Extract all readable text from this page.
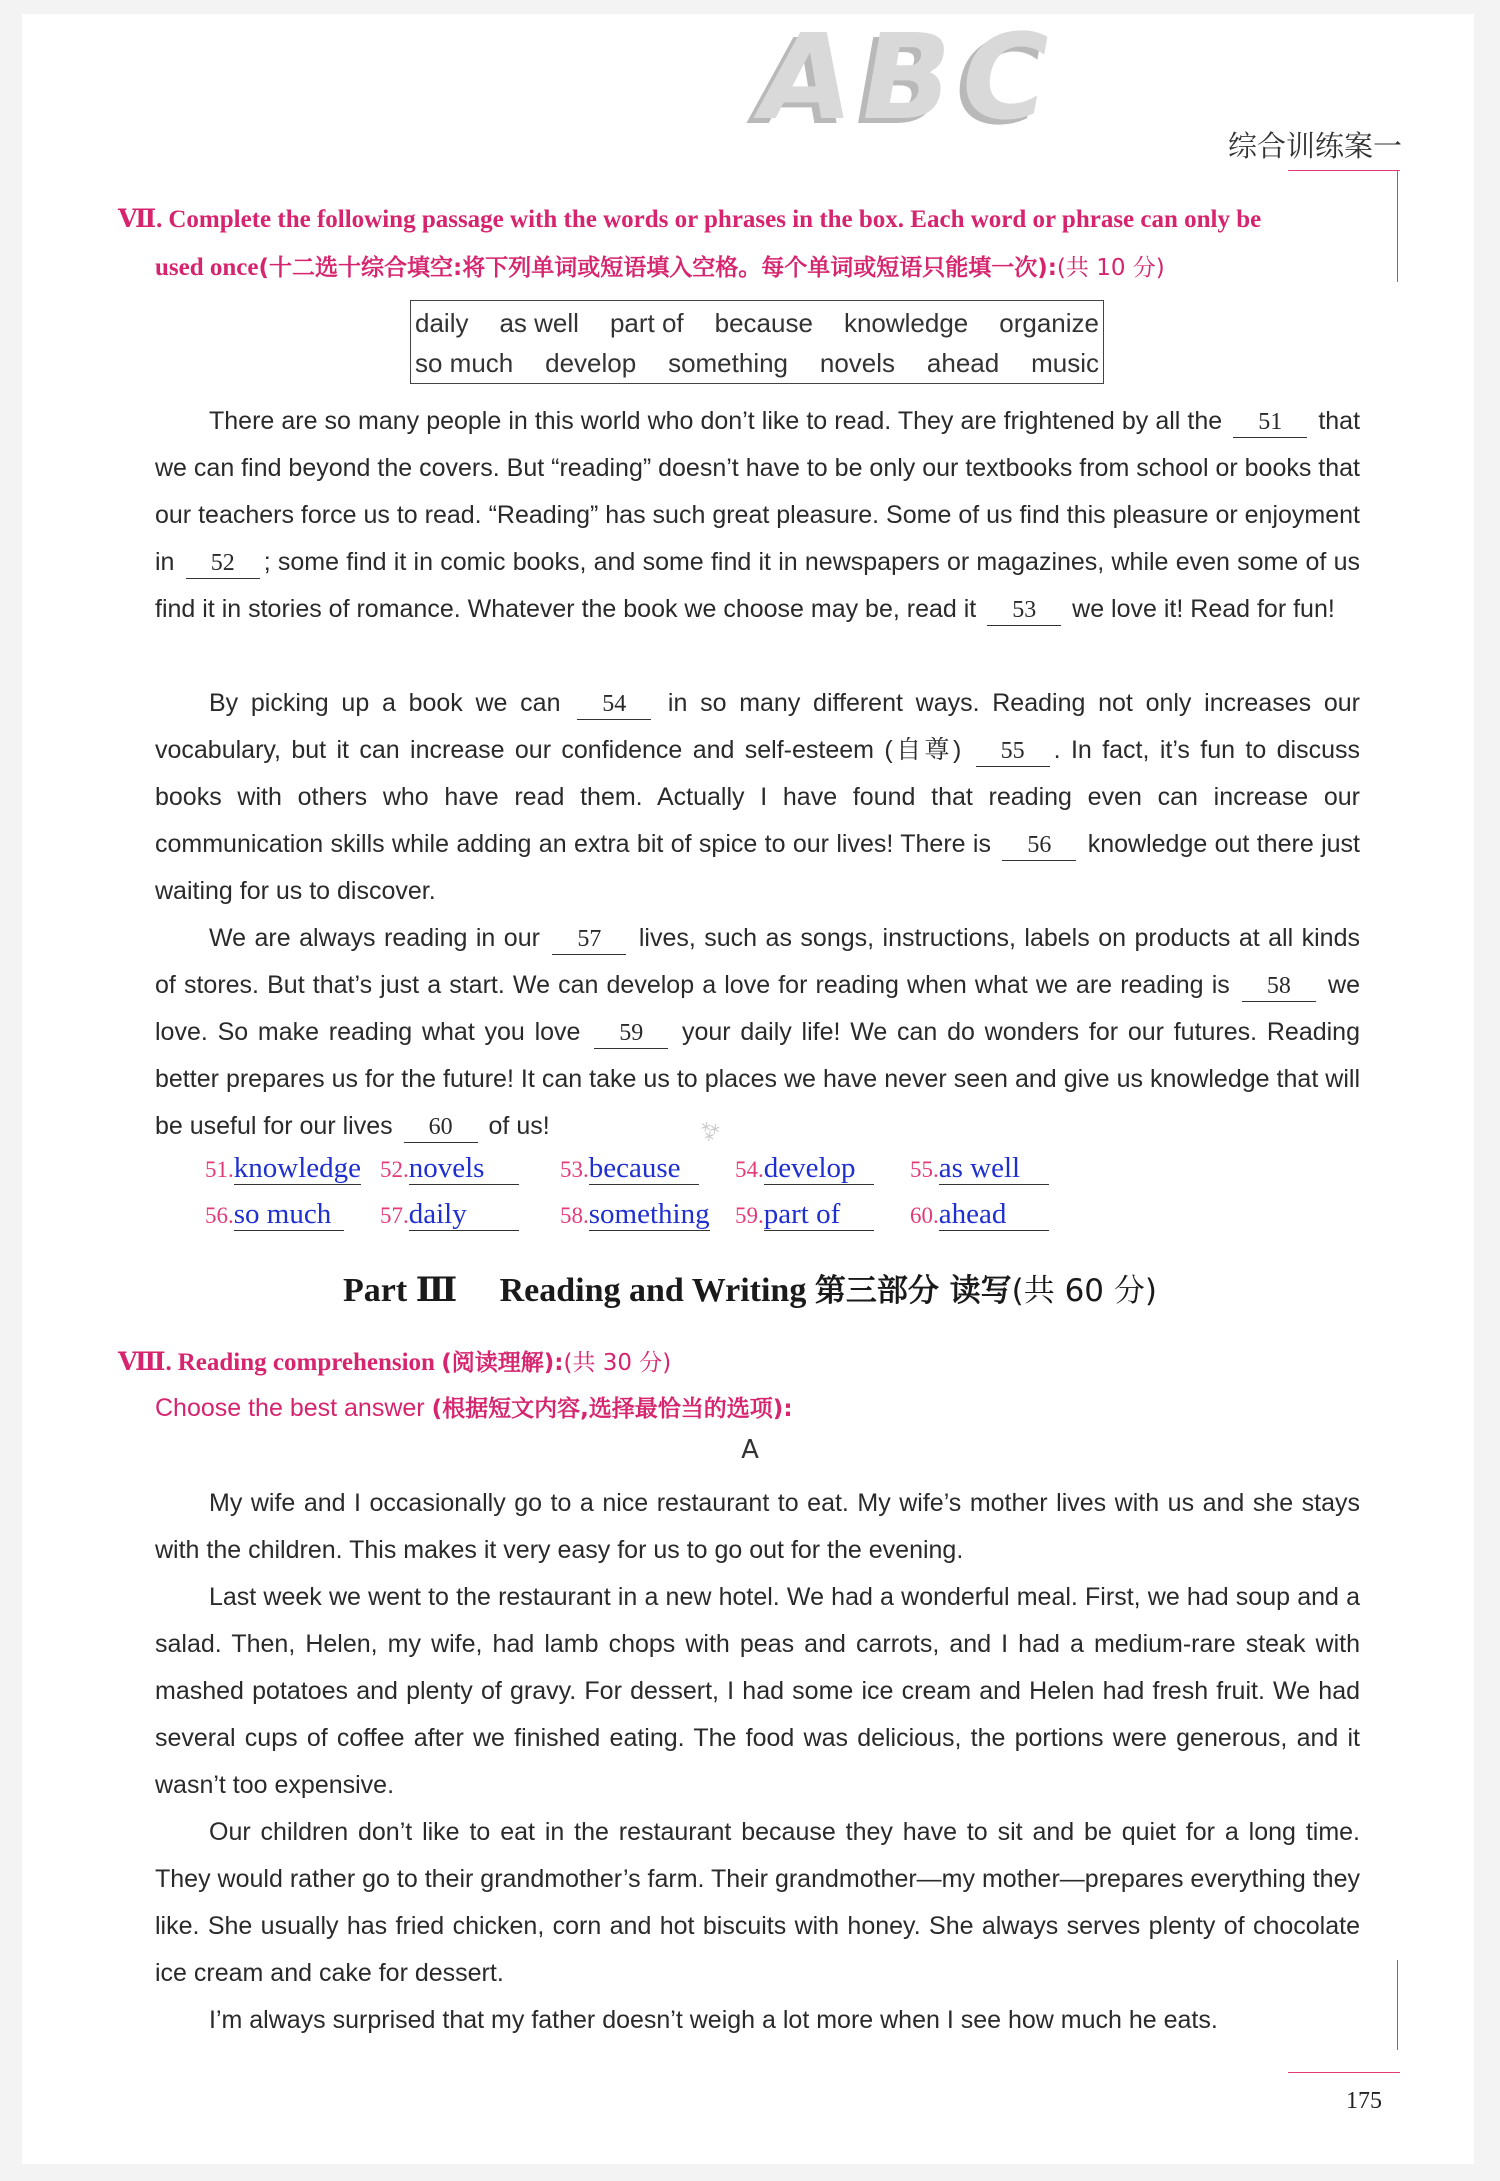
ABC
综合训练案一
Ⅶ. Complete the following passage with the words or phrases in the box. Each word or phrase can only be
used once(十二选十综合填空:将下列单词或短语填入空格。每个单词或短语只能填一次):(共 10 分)
daily as well part of because knowledge organize
so much develop something novels ahead music

There are so many people in this world who don’t like to read. They are frightened by all the 51 that we can find beyond the covers. But “reading” doesn’t have to be only our textbooks from school or books that our teachers force us to read. “Reading” has such great pleasure. Some of us find this pleasure or enjoyment in 52 ; some find it in comic books, and some find it in newspapers or magazines, while even some of us find it in stories of romance. Whatever the book we choose may be, read it 53 we love it! Read for fun!

By picking up a book we can 54 in so many different ways. Reading not only increases our vocabulary, but it can increase our confidence and self-esteem (自尊) 55 . In fact, it’s fun to discuss books with others who have read them. Actually I have found that reading even can increase our communication skills while adding an extra bit of spice to our lives! There is 56 knowledge out there just waiting for us to discover.

We are always reading in our 57 lives, such as songs, instructions, labels on products at all kinds of stores. But that’s just a start. We can develop a love for reading when what we are reading is 58 we love. So make reading what you love 59 your daily life! We can do wonders for our futures. Reading better prepares us for the future! It can take us to places we have never seen and give us knowledge that will be useful for our lives 60 of us!	⁂
51.knowledge 52.novels	53.because	54.develop	55.as well
56.so much	57.daily	58.something 59.part of	60.ahead
Part Ⅲ Reading and Writing 第三部分 读写(共 60 分)
Ⅷ. Reading comprehension (阅读理解):(共 30 分)
Choose the best answer (根据短文内容,选择最恰当的选项):
A

My wife and I occasionally go to a nice restaurant to eat. My wife’s mother lives with us and she stays with the children. This makes it very easy for us to go out for the evening.

Last week we went to the restaurant in a new hotel. We had a wonderful meal. First, we had soup and a salad. Then, Helen, my wife, had lamb chops with peas and carrots, and I had a medium-rare steak with mashed potatoes and plenty of gravy. For dessert, I had some ice cream and Helen had fresh fruit. We had several cups of coffee after we finished eating. The food was delicious, the portions were generous, and it wasn’t too expensive.

Our children don’t like to eat in the restaurant because they have to sit and be quiet for a long time. They would rather go to their grandmother’s farm. Their grandmother—my mother—prepares everything they like. She usually has fried chicken, corn and hot biscuits with honey. She always serves plenty of chocolate ice cream and cake for dessert.

I’m always surprised that my father doesn’t weigh a lot more when I see how much he eats.

175
